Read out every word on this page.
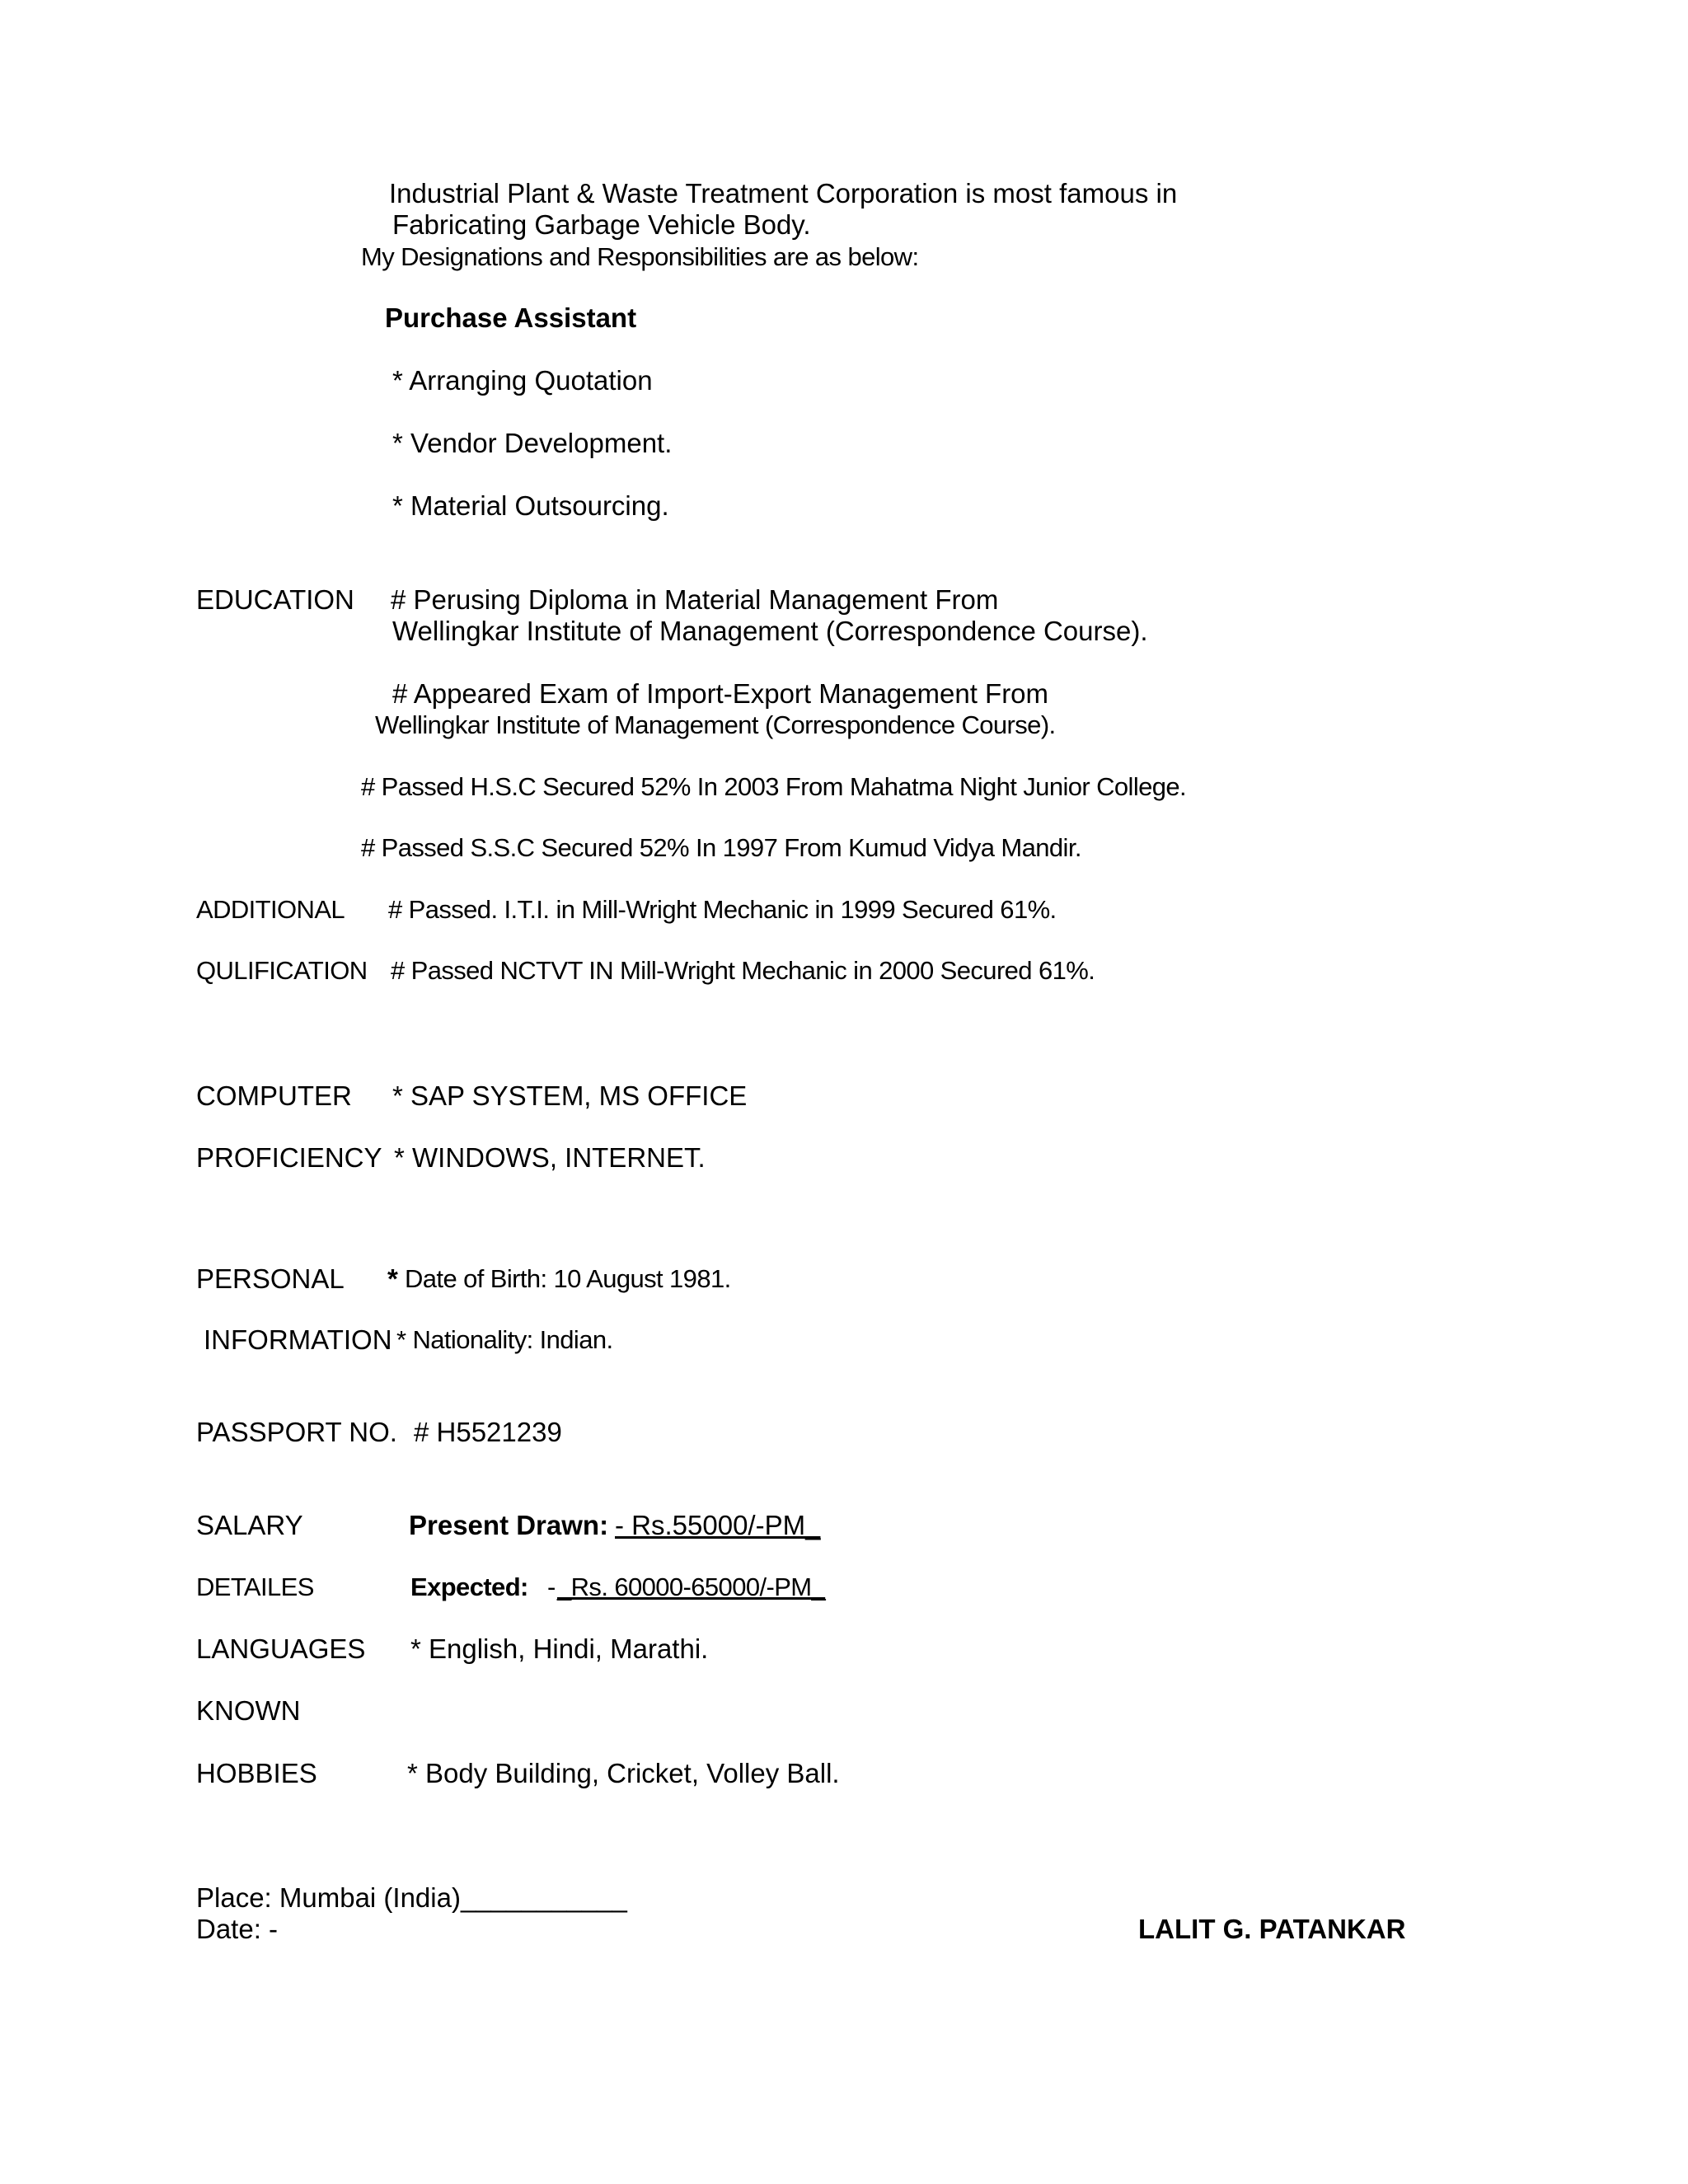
Industrial Plant & Waste Treatment Corporation is most famous in
Fabricating Garbage Vehicle Body.
My Designations and Responsibilities are as below:
Purchase Assistant
* Arranging Quotation
* Vendor Development.
* Material Outsourcing.
EDUCATION # Perusing Diploma in Material Management From
Wellingkar Institute of Management (Correspondence Course).
# Appeared Exam of Import-Export Management From
Wellingkar Institute of Management (Correspondence Course).
# Passed H.S.C Secured 52% In 2003 From Mahatma Night Junior College.
# Passed S.S.C Secured 52% In 1997 From Kumud Vidya Mandir.
ADDITIONAL # Passed. I.T.I. in Mill-Wright Mechanic in 1999 Secured 61%.
QULIFICATION # Passed NCTVT IN Mill-Wright Mechanic in 2000 Secured 61%.
COMPUTER * SAP SYSTEM, MS OFFICE
PROFICIENCY * WINDOWS, INTERNET.
PERSONAL * Date of Birth: 10 August 1981.
INFORMATION * Nationality: Indian.
PASSPORT NO. # H5521239
SALARY	Present Drawn: - Rs.55000/-PM_
DETAILES	Expected: - _Rs. 60000-65000/-PM_
LANGUAGES * English, Hindi, Marathi.
KNOWN
HOBBIES	* Body Building, Cricket, Volley Ball.
Place: Mumbai (India)___________
Date: -	LALIT G. PATANKAR
